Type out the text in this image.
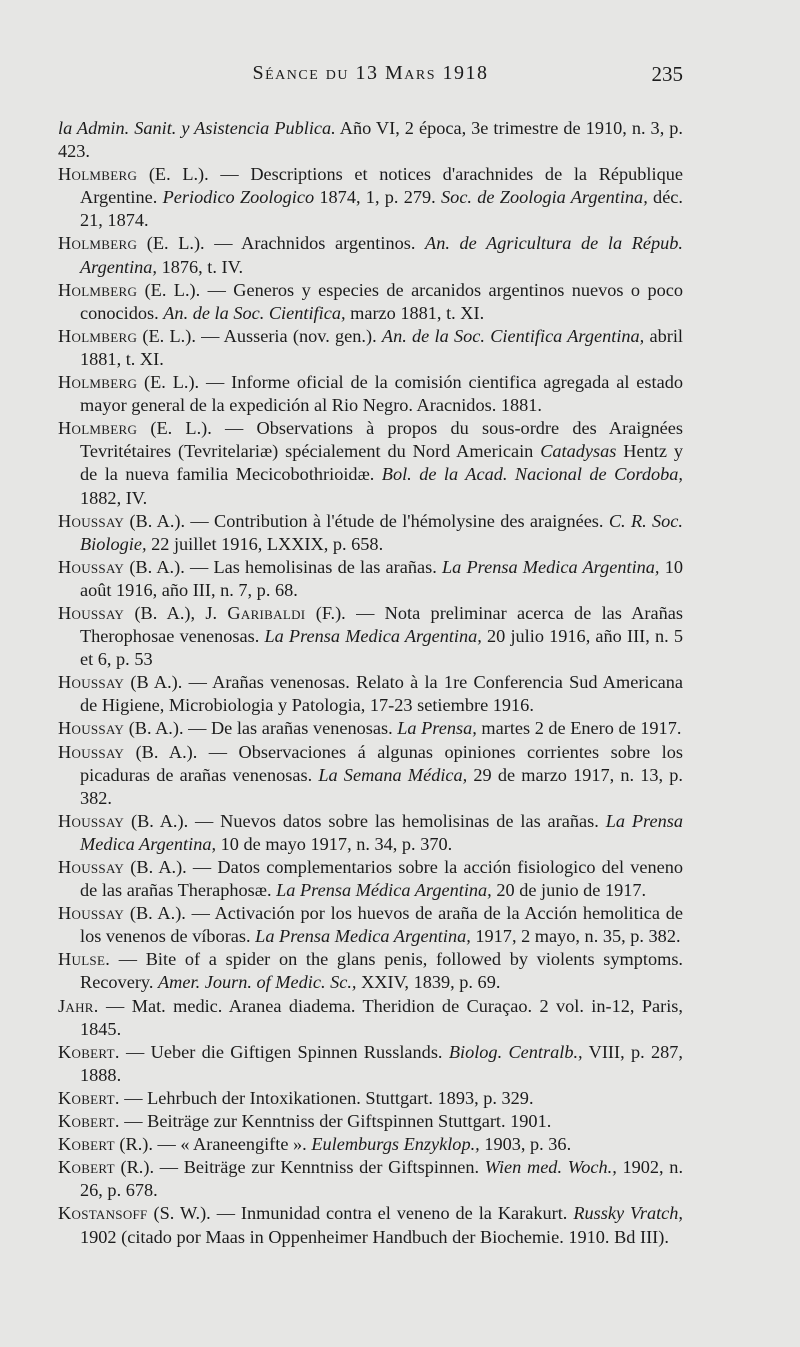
Séance du 13 Mars 1918	235
la Admin. Sanit. y Asistencia Publica. Año VI, 2 época, 3e trimestre de 1910, n. 3, p. 423.
Holmberg (E. L.). — Descriptions et notices d'arachnides de la République Argentine. Periodico Zoologico 1874, 1, p. 279. Soc. de Zoologia Argentina, déc. 21, 1874.
Holmberg (E. L.). — Arachnidos argentinos. An. de Agricultura de la Répub. Argentina, 1876, t. IV.
Holmberg (E. L.). — Generos y especies de arcanidos argentinos nuevos o poco conocidos. An. de la Soc. Cientifica, marzo 1881, t. XI.
Holmberg (E. L.). — Ausseria (nov. gen.). An. de la Soc. Cientifica Argentina, abril 1881, t. XI.
Holmberg (E. L.). — Informe oficial de la comisión cientifica agregada al estado mayor general de la expedición al Rio Negro. Aracnidos. 1881.
Holmberg (E. L.). — Observations à propos du sous-ordre des Araignées Tevritétaires (Tevritelariæ) spécialement du Nord Americain Catadysas Hentz y de la nueva familia Mecicobothrioidæ. Bol. de la Acad. Nacional de Cordoba, 1882, IV.
Houssay (B. A.). — Contribution à l'étude de l'hémolysine des araignées. C. R. Soc. Biologie, 22 juillet 1916, LXXIX, p. 658.
Houssay (B. A.). — Las hemolisinas de las arañas. La Prensa Medica Argentina, 10 août 1916, año III, n. 7, p. 68.
Houssay (B. A.), J. Garibaldi (F.). — Nota preliminar acerca de las Arañas Therophosae venenosas. La Prensa Medica Argentina, 20 julio 1916, año III, n. 5 et 6, p. 53
Houssay (B A.). — Arañas venenosas. Relato à la 1re Conferencia Sud Americana de Higiene, Microbiologia y Patologia, 17-23 setiembre 1916.
Houssay (B. A.). — De las arañas venenosas. La Prensa, martes 2 de Enero de 1917.
Houssay (B. A.). — Observaciones á algunas opiniones corrientes sobre los picaduras de arañas venenosas. La Semana Médica, 29 de marzo 1917, n. 13, p. 382.
Houssay (B. A.). — Nuevos datos sobre las hemolisinas de las arañas. La Prensa Medica Argentina, 10 de mayo 1917, n. 34, p. 370.
Houssay (B. A.). — Datos complementarios sobre la acción fisiologico del veneno de las arañas Theraphosæ. La Prensa Médica Argentina, 20 de junio de 1917.
Houssay (B. A.). — Activación por los huevos de araña de la Acción hemolitica de los venenos de víboras. La Prensa Medica Argentina, 1917, 2 mayo, n. 35, p. 382.
Hulse. — Bite of a spider on the glans penis, followed by violents symptoms. Recovery. Amer. Journ. of Medic. Sc., XXIV, 1839, p. 69.
Jahr. — Mat. medic. Aranea diadema. Theridion de Curaçao. 2 vol. in-12, Paris, 1845.
Kobert. — Ueber die Giftigen Spinnen Russlands. Biolog. Centralb., VIII, p. 287, 1888.
Kobert. — Lehrbuch der Intoxikationen. Stuttgart. 1893, p. 329.
Kobert. — Beiträge zur Kenntniss der Giftspinnen Stuttgart. 1901.
Kobert (R.). — « Araneengifte ». Eulemburgs Enzyklop., 1903, p. 36.
Kobert (R.). — Beiträge zur Kenntniss der Giftspinnen. Wien med. Woch., 1902, n. 26, p. 678.
Kostansoff (S. W.). — Inmunidad contra el veneno de la Karakurt. Russky Vratch, 1902 (citado por Maas in Oppenheimer Handbuch der Biochemie. 1910. Bd III).
